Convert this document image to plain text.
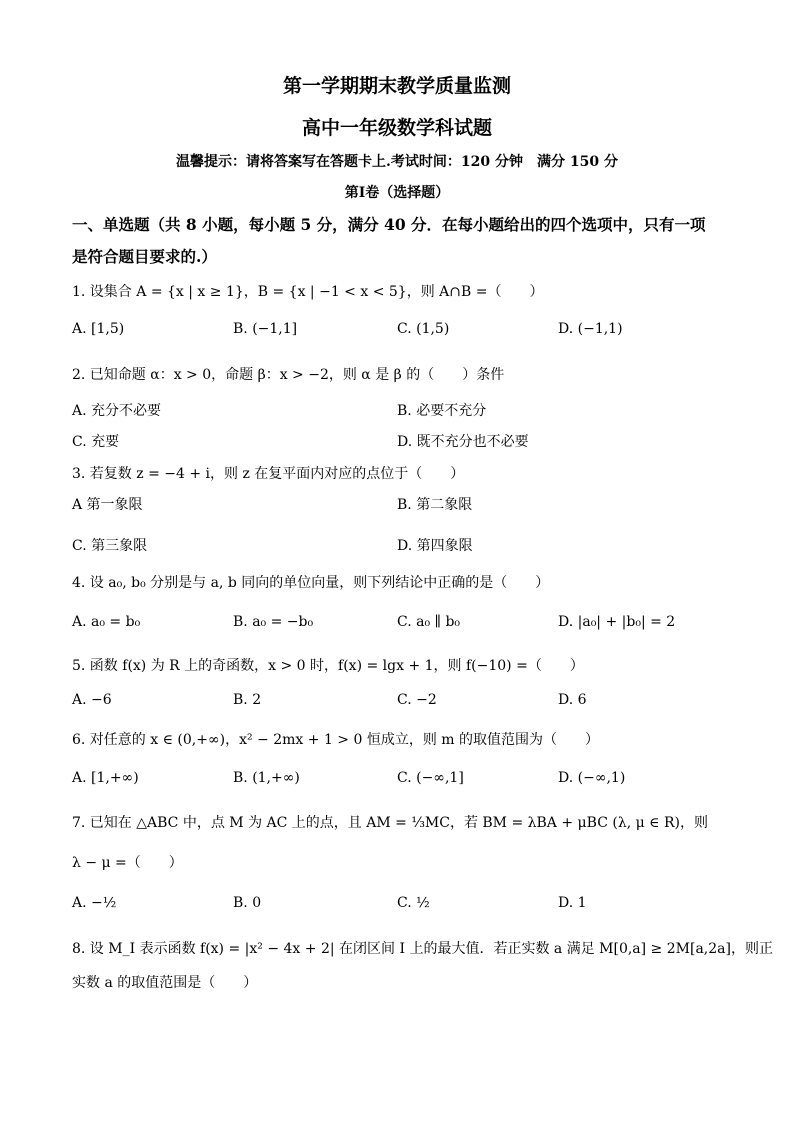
第一学期期末教学质量监测
高中一年级数学科试题
温馨提示：请将答案写在答题卡上.考试时间：120 分钟　满分 150 分
第Ⅰ卷（选择题）
一、单选题（共 8 小题，每小题 5 分，满分 40 分．在每小题给出的四个选项中，只有一项
是符合题目要求的.）
1. 设集合 A = {x | x ≥ 1}，B = {x | −1 < x < 5}，则 A∩B =（　　）
A. [1,5)	B. (−1,1]	C. (1,5)	D. (−1,1)
2. 已知命题 α：x > 0，命题 β：x > −2，则 α 是 β 的（　　）条件
A. 充分不必要	B. 必要不充分
C. 充要	D. 既不充分也不必要
3. 若复数 z = −4 + i，则 z 在复平面内对应的点位于（　　）
A 第一象限	B. 第二象限
C. 第三象限	D. 第四象限
4. 设 a₀, b₀ 分别是与 a, b 同向的单位向量，则下列结论中正确的是（　　）
A. a₀ = b₀	B. a₀ = −b₀	C. a₀ ∥ b₀	D. |a₀| + |b₀| = 2
5. 函数 f(x) 为 R 上的奇函数，x > 0 时，f(x) = lgx + 1，则 f(−10) =（　　）
A. −6	B. 2	C. −2	D. 6
6. 对任意的 x ∈ (0,+∞)，x² − 2mx + 1 > 0 恒成立，则 m 的取值范围为（　　）
A. [1,+∞)	B. (1,+∞)	C. (−∞,1]	D. (−∞,1)
7. 已知在 △ABC 中，点 M 为 AC 上的点，且 AM = ⅓MC，若 BM = λBA + μBC (λ, μ ∈ R)，则
λ − μ =（　　）
A. −½	B. 0	C. ½	D. 1
8. 设 M_I 表示函数 f(x) = |x² − 4x + 2| 在闭区间 I 上的最大值．若正实数 a 满足 M[0,a] ≥ 2M[a,2a]，则正
实数 a 的取值范围是（　　）
